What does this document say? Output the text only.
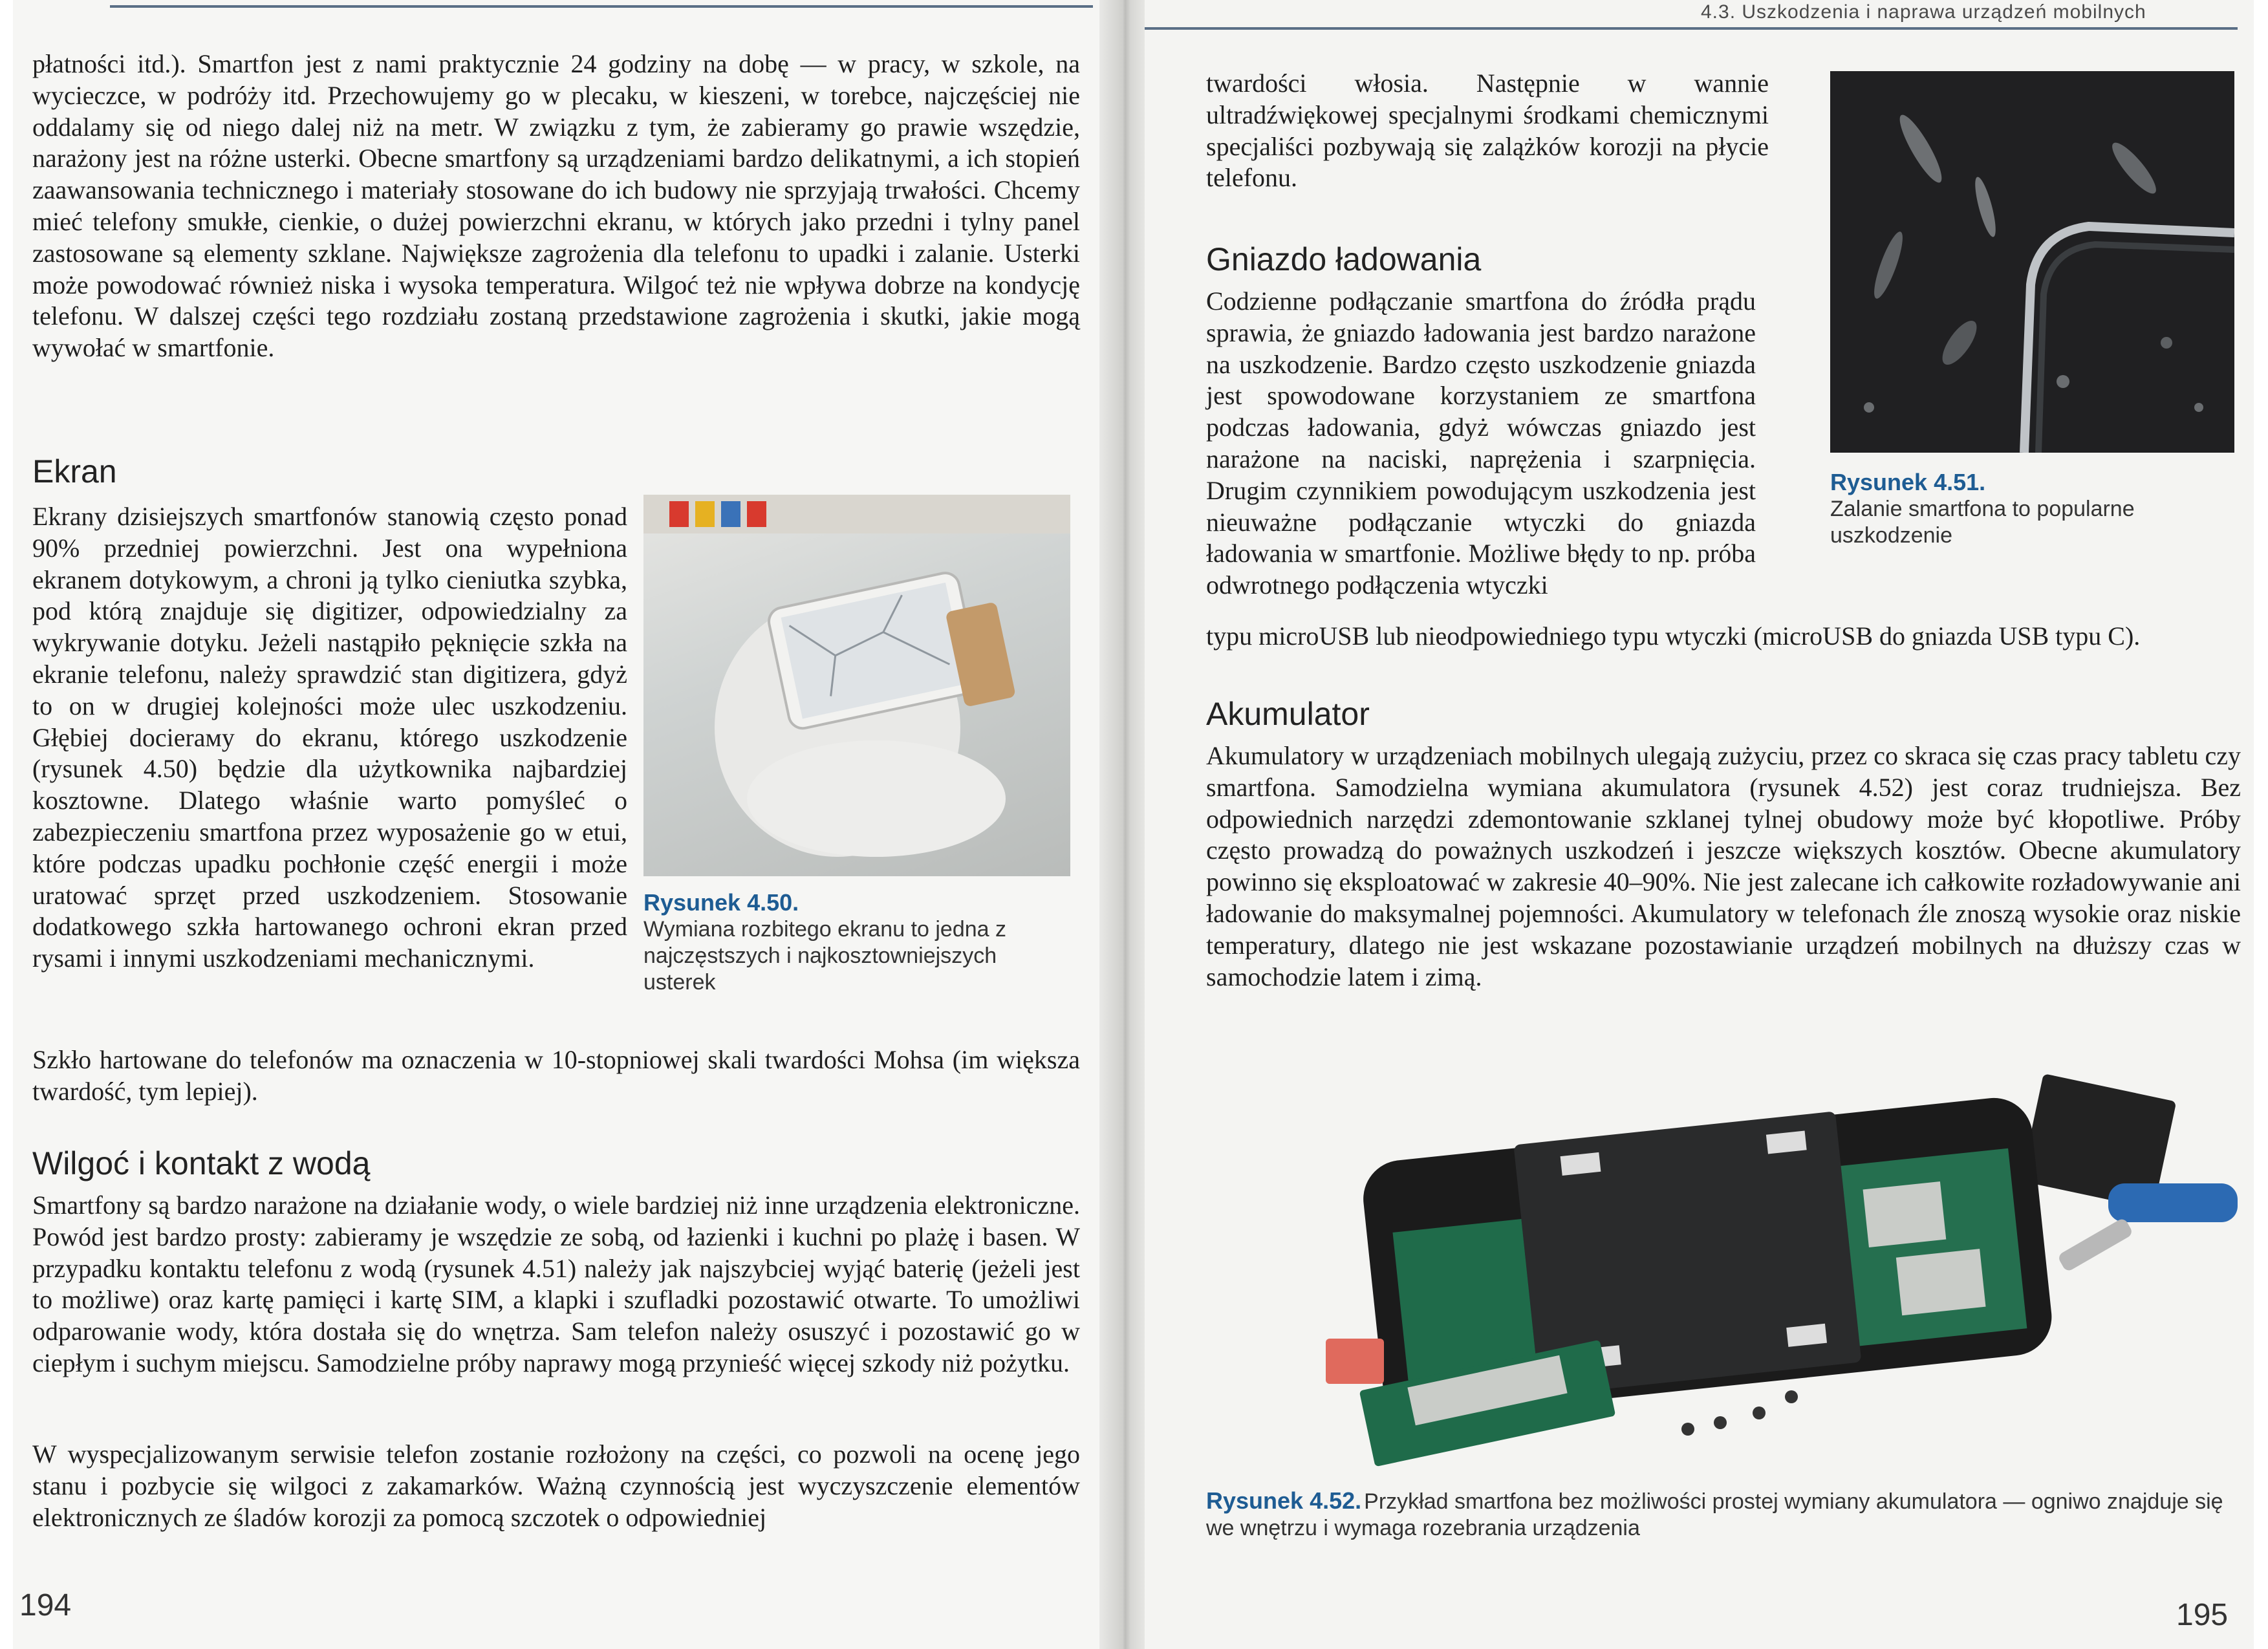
płatności itd.). Smartfon jest z nami praktycznie 24 godziny na dobę — w pracy, w szkole, na wycieczce, w podróży itd. Przechowujemy go w plecaku, w kieszeni, w torebce, najczęściej nie oddalamy się od niego dalej niż na metr. W związku z tym, że zabieramy go prawie wszędzie, narażony jest na różne usterki. Obecne smartfony są urządzeniami bardzo delikatnymi, a ich stopień zaawansowania technicznego i materiały stosowane do ich budowy nie sprzyjają trwałości. Chcemy mieć telefony smukłe, cienkie, o dużej powierzchni ekranu, w których jako przedni i tylny panel zastosowane są elementy szklane. Największe zagrożenia dla telefonu to upadki i zalanie. Usterki może powodować również niska i wysoka temperatura. Wilgoć też nie wpływa dobrze na kondycję telefonu. W dalszej części tego rozdziału zostaną przedstawione zagrożenia i skutki, jakie mogą wywołać w smartfonie.

Ekran

Ekrany dzisiejszych smartfonów stanowią często ponad 90% przedniej powierzchni. Jest ona wypełniona ekranem dotykowym, a chroni ją tylko cieniutka szybka, pod którą znajduje się digitizer, odpowiedzialny za wykrywanie dotyku. Jeżeli nastąpiło pęknięcie szkła na ekranie telefonu, należy sprawdzić stan digitizera, gdyż to on w drugiej kolejności może ulec uszkodzeniu. Głębiej docierамy do ekranu, którego uszkodzenie (rysunek 4.50) będzie dla użytkownika najbardziej kosztowne. Dlatego właśnie warto pomyśleć o zabezpieczeniu smartfona przez wyposażenie go w etui, które podczas upadku pochłonie część energii i może uratować sprzęt przed uszkodzeniem. Stosowanie dodatkowego szkła hartowanego ochroni ekran przed rysami i innymi uszkodzeniami mechanicznymi.

Rysunek 4.50.
Wymiana rozbitego ekranu to jedna z najczęstszych i najkosztowniejszych usterek

Szkło hartowane do telefonów ma oznaczenia w 10-stopniowej skali twardości Mohsa (im większa twardość, tym lepiej).

Wilgoć i kontakt z wodą

Smartfony są bardzo narażone na działanie wody, o wiele bardziej niż inne urządzenia elektroniczne. Powód jest bardzo prosty: zabieramy je wszędzie ze sobą, od łazienki i kuchni po plażę i basen. W przypadku kontaktu telefonu z wodą (rysunek 4.51) należy jak najszybciej wyjąć baterię (jeżeli jest to możliwe) oraz kartę pamięci i kartę SIM, a klapki i szufladki pozostawić otwarte. To umożliwi odparowanie wody, która dostała się do wnętrza. Sam telefon należy osuszyć i pozostawić go w ciepłym i suchym miejscu. Samodzielne próby naprawy mogą przynieść więcej szkody niż pożytku.

W wyspecjalizowanym serwisie telefon zostanie rozłożony na części, co pozwoli na ocenę jego stanu i pozbycie się wilgoci z zakamarków. Ważną czynnością jest wyczyszczenie elementów elektronicznych ze śladów korozji za pomocą szczotek o odpowiedniej

194
4.3. Uszkodzenia i naprawa urządzeń mobilnych

twardości włosia. Następnie w wannie ultradźwiękowej specjalnymi środkami chemicznymi specjaliści pozbywają się zalążków korozji na płycie telefonu.

Gniazdo ładowania

Codzienne podłączanie smartfona do źródła prądu sprawia, że gniazdo ładowania jest bardzo narażone na uszkodzenie. Bardzo często uszkodzenie gniazda jest spowodowane korzystaniem ze smartfona podczas ładowania, gdyż wówczas gniazdo jest narażone na naciski, naprężenia i szarpnięcia. Drugim czynnikiem powodującym uszkodzenia jest nieuważne podłączanie wtyczki do gniazda ładowania w smartfonie. Możliwe błędy to np. próba odwrotnego podłączenia wtyczki

Rysunek 4.51.
Zalanie smartfona to popularne uszkodzenie

typu microUSB lub nieodpowiedniego typu wtyczki (microUSB do gniazda USB typu C).

Akumulator

Akumulatory w urządzeniach mobilnych ulegają zużyciu, przez co skraca się czas pracy tabletu czy smartfona. Samodzielna wymiana akumulatora (rysunek 4.52) jest coraz trudniejsza. Bez odpowiednich narzędzi zdemontowanie szklanej tylnej obudowy może być kłopotliwe. Próby często prowadzą do poważnych uszkodzeń i jeszcze większych kosztów. Obecne akumulatory powinno się eksploatować w zakresie 40–90%. Nie jest zalecane ich całkowite rozładowywanie ani ładowanie do maksymalnej pojemności. Akumulatory w telefonach źle znoszą wysokie oraz niskie temperatury, dlatego nie jest wskazane pozostawianie urządzeń mobilnych na dłuższy czas w samochodzie latem i zimą.

Rysunek 4.52. Przykład smartfona bez możliwości prostej wymiany akumulatora — ogniwo znajduje się we wnętrzu i wymaga rozebrania urządzenia
195
